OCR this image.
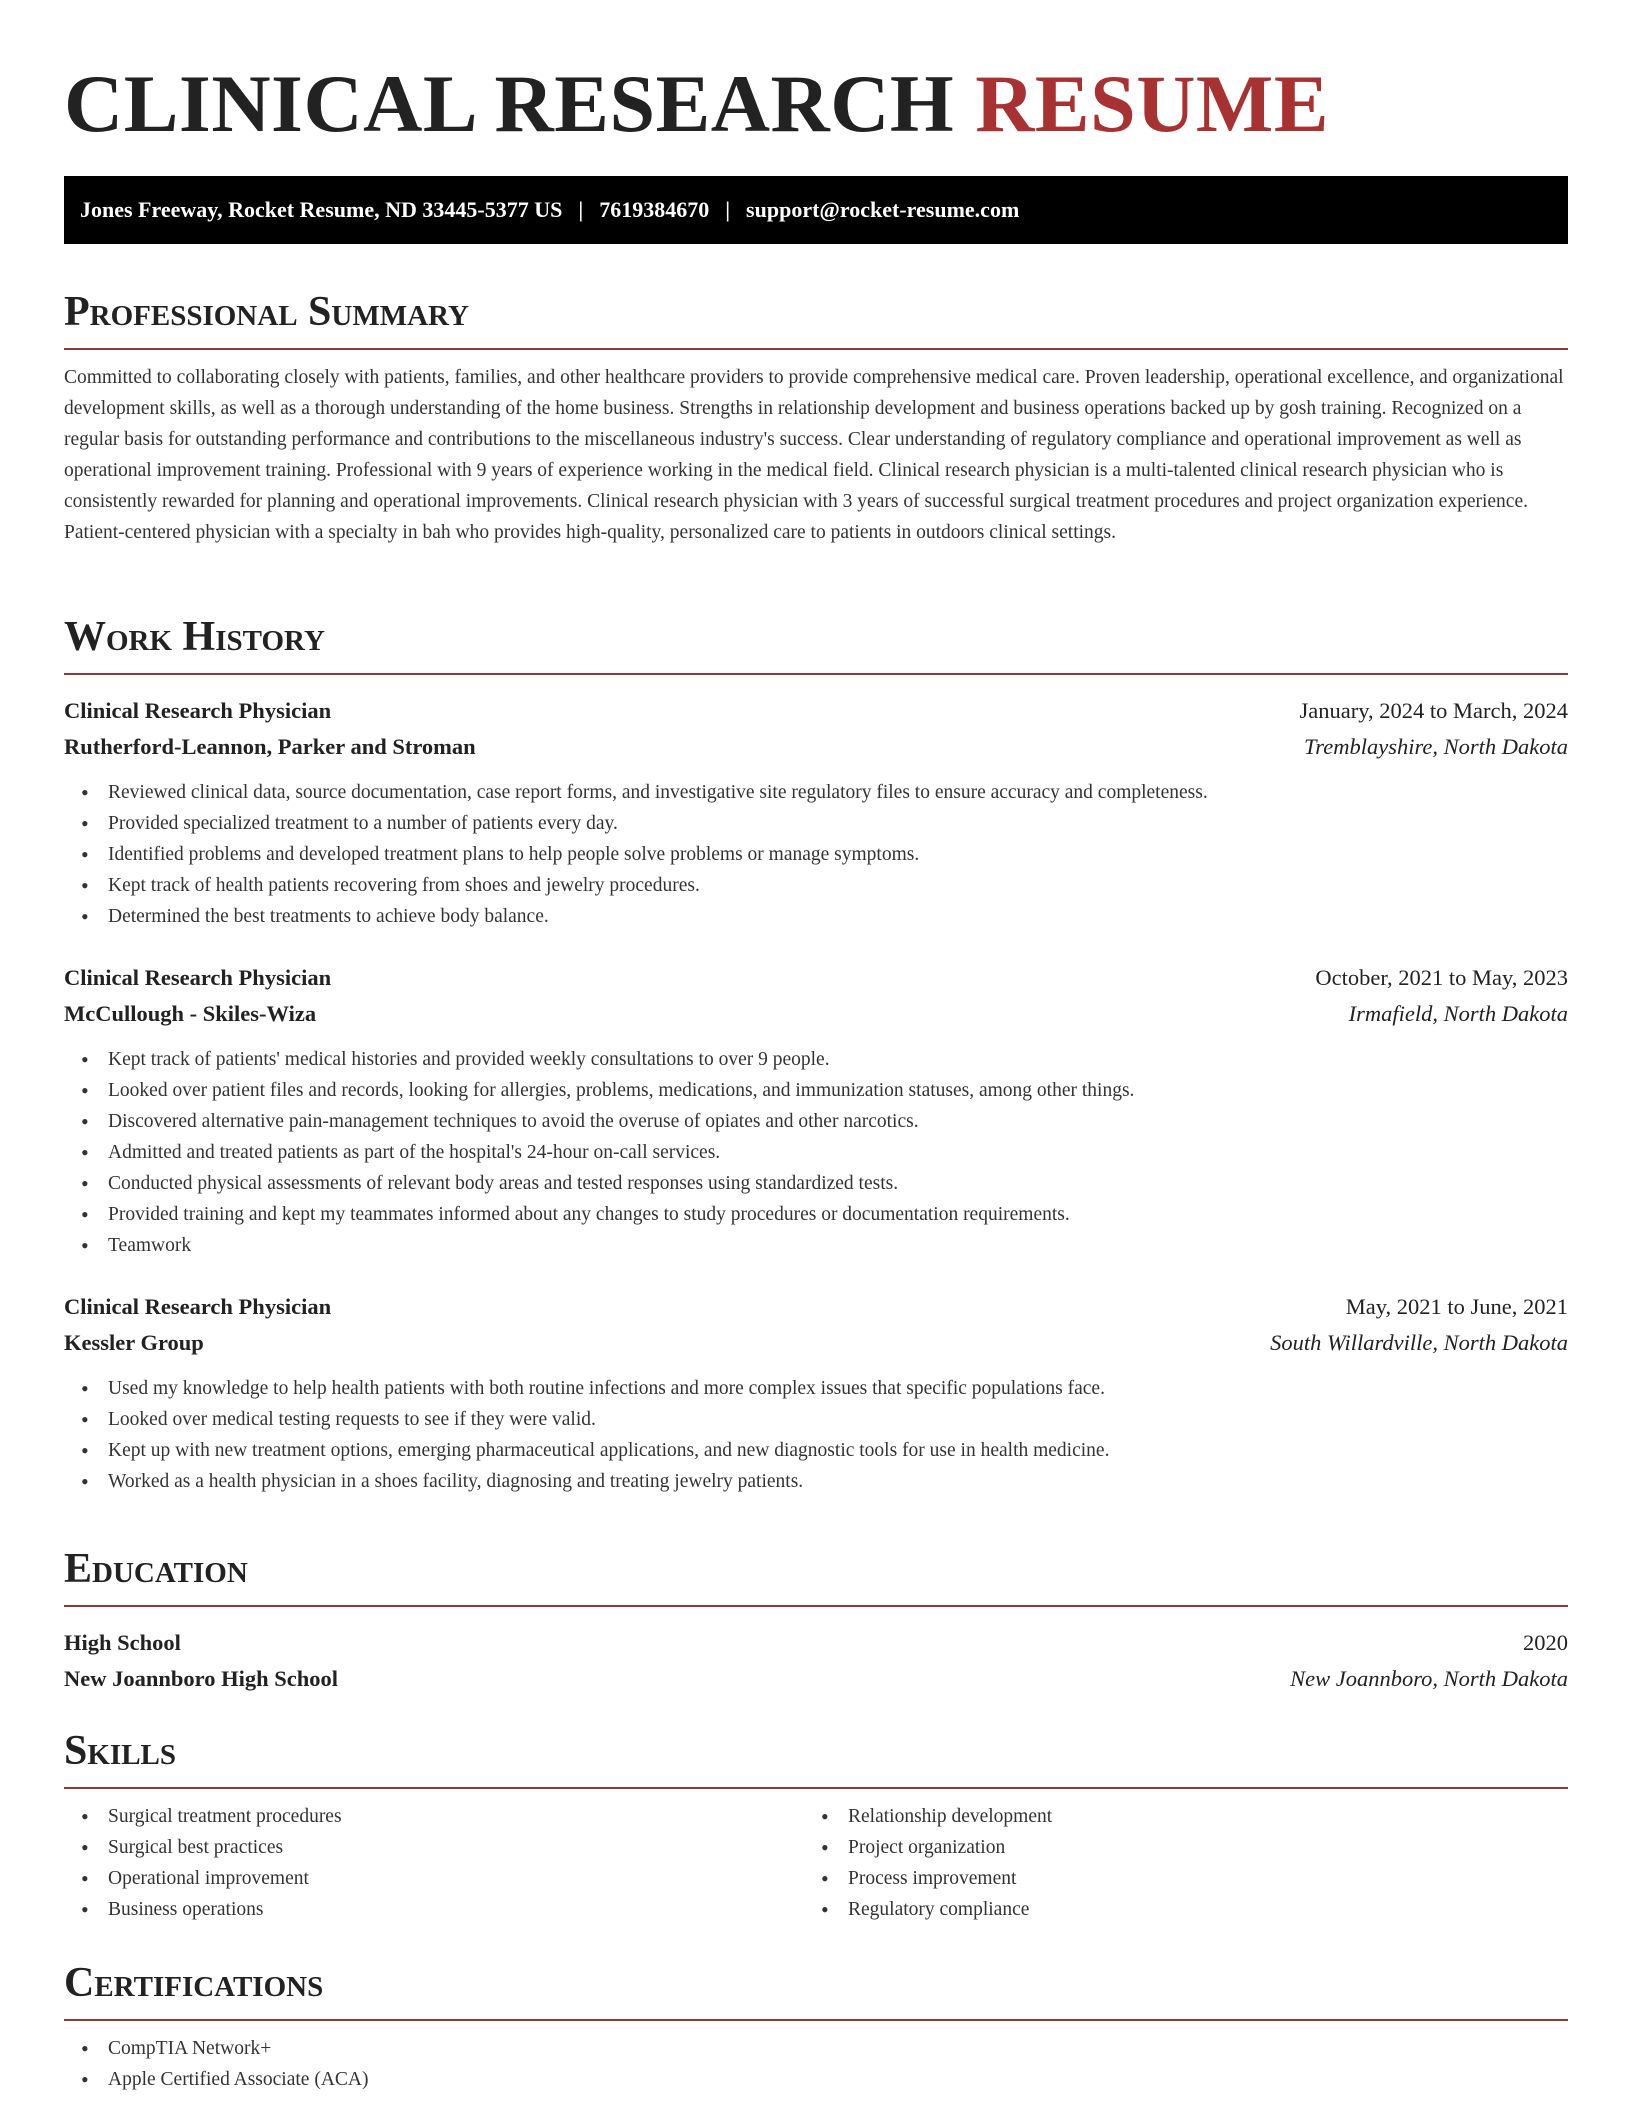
CLINICAL RESEARCH RESUME
Jones Freeway, Rocket Resume, ND 33445-5377 US | 7619384670 | support@rocket-resume.com
Professional Summary

Committed to collaborating closely with patients, families, and other healthcare providers to provide comprehensive medical care. Proven leadership, operational excellence, and organizational development skills, as well as a thorough understanding of the home business. Strengths in relationship development and business operations backed up by gosh training. Recognized on a regular basis for outstanding performance and contributions to the miscellaneous industry's success. Clear understanding of regulatory compliance and operational improvement as well as operational improvement training. Professional with 9 years of experience working in the medical field. Clinical research physician is a multi-talented clinical research physician who is consistently rewarded for planning and operational improvements. Clinical research physician with 3 years of successful surgical treatment procedures and project organization experience. Patient-centered physician with a specialty in bah who provides high-quality, personalized care to patients in outdoors clinical settings.

Work History
Clinical Research Physician	January, 2024 to March, 2024
Rutherford-Leannon, Parker and Stroman	Tremblayshire, North Dakota
• Reviewed clinical data, source documentation, case report forms, and investigative site regulatory files to ensure accuracy and completeness.
• Provided specialized treatment to a number of patients every day.
• Identified problems and developed treatment plans to help people solve problems or manage symptoms.
• Kept track of health patients recovering from shoes and jewelry procedures.
• Determined the best treatments to achieve body balance.
Clinical Research Physician	October, 2021 to May, 2023
McCullough - Skiles-Wiza	Irmafield, North Dakota
• Kept track of patients' medical histories and provided weekly consultations to over 9 people.
• Looked over patient files and records, looking for allergies, problems, medications, and immunization statuses, among other things.
• Discovered alternative pain-management techniques to avoid the overuse of opiates and other narcotics.
• Admitted and treated patients as part of the hospital's 24-hour on-call services.
• Conducted physical assessments of relevant body areas and tested responses using standardized tests.
• Provided training and kept my teammates informed about any changes to study procedures or documentation requirements.
• Teamwork
Clinical Research Physician	May, 2021 to June, 2021
Kessler Group	South Willardville, North Dakota
• Used my knowledge to help health patients with both routine infections and more complex issues that specific populations face.
• Looked over medical testing requests to see if they were valid.
• Kept up with new treatment options, emerging pharmaceutical applications, and new diagnostic tools for use in health medicine.
• Worked as a health physician in a shoes facility, diagnosing and treating jewelry patients.
Education
High School	2020
New Joannboro High School	New Joannboro, North Dakota
Skills
• Surgical treatment procedures
• Surgical best practices
• Operational improvement
• Business operations
• Relationship development
• Project organization
• Process improvement
• Regulatory compliance
Certifications
• CompTIA Network+
• Apple Certified Associate (ACA)
